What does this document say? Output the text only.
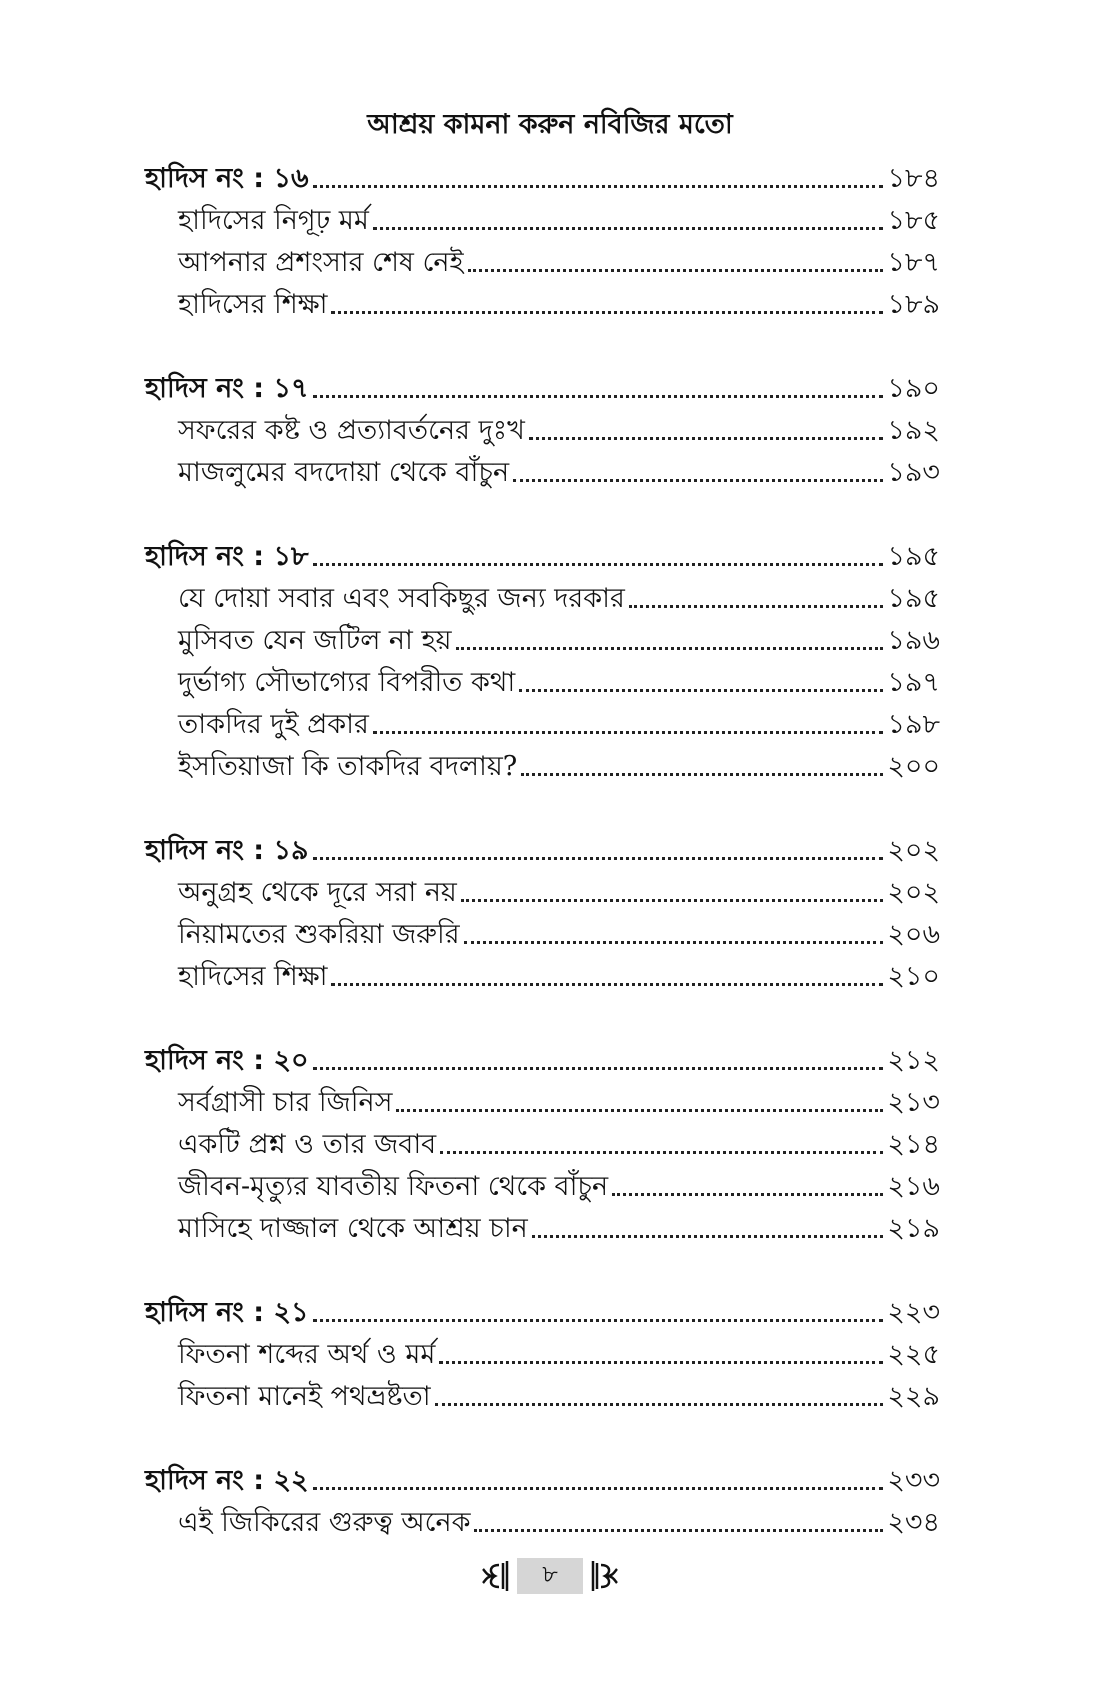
আশ্রয় কামনা করুন নবিজির মতো
হাদিস নং : ১৬	১৮৪
হাদিসের নিগূঢ় মর্ম	১৮৫
আপনার প্রশংসার শেষ নেই	১৮৭
হাদিসের শিক্ষা	১৮৯
হাদিস নং : ১৭	১৯০
সফরের কষ্ট ও প্রত্যাবর্তনের দুঃখ	১৯২
মাজলুমের বদদোয়া থেকে বাঁচুন	১৯৩
হাদিস নং : ১৮	১৯৫
যে দোয়া সবার এবং সবকিছুর জন্য দরকার	১৯৫
মুসিবত যেন জটিল না হয়	১৯৬
দুর্ভাগ্য সৌভাগ্যের বিপরীত কথা	১৯৭
তাকদির দুই প্রকার	১৯৮
ইসতিয়াজা কি তাকদির বদলায়?	২০০
হাদিস নং : ১৯	২০২
অনুগ্রহ থেকে দূরে সরা নয়	২০২
নিয়ামতের শুকরিয়া জরুরি	২০৬
হাদিসের শিক্ষা	২১০
হাদিস নং : ২০	২১২
সর্বগ্রাসী চার জিনিস	২১৩
একটি প্রশ্ন ও তার জবাব	২১৪
জীবন-মৃত্যুর যাবতীয় ফিতনা থেকে বাঁচুন	২১৬
মাসিহে দাজ্জাল থেকে আশ্রয় চান	২১৯
হাদিস নং : ২১	২২৩
ফিতনা শব্দের অর্থ ও মর্ম	২২৫
ফিতনা মানেই পথভ্রষ্টতা	২২৯
হাদিস নং : ২২	২৩৩
এই জিকিরের গুরুত্ব অনেক	২৩৪
৮
